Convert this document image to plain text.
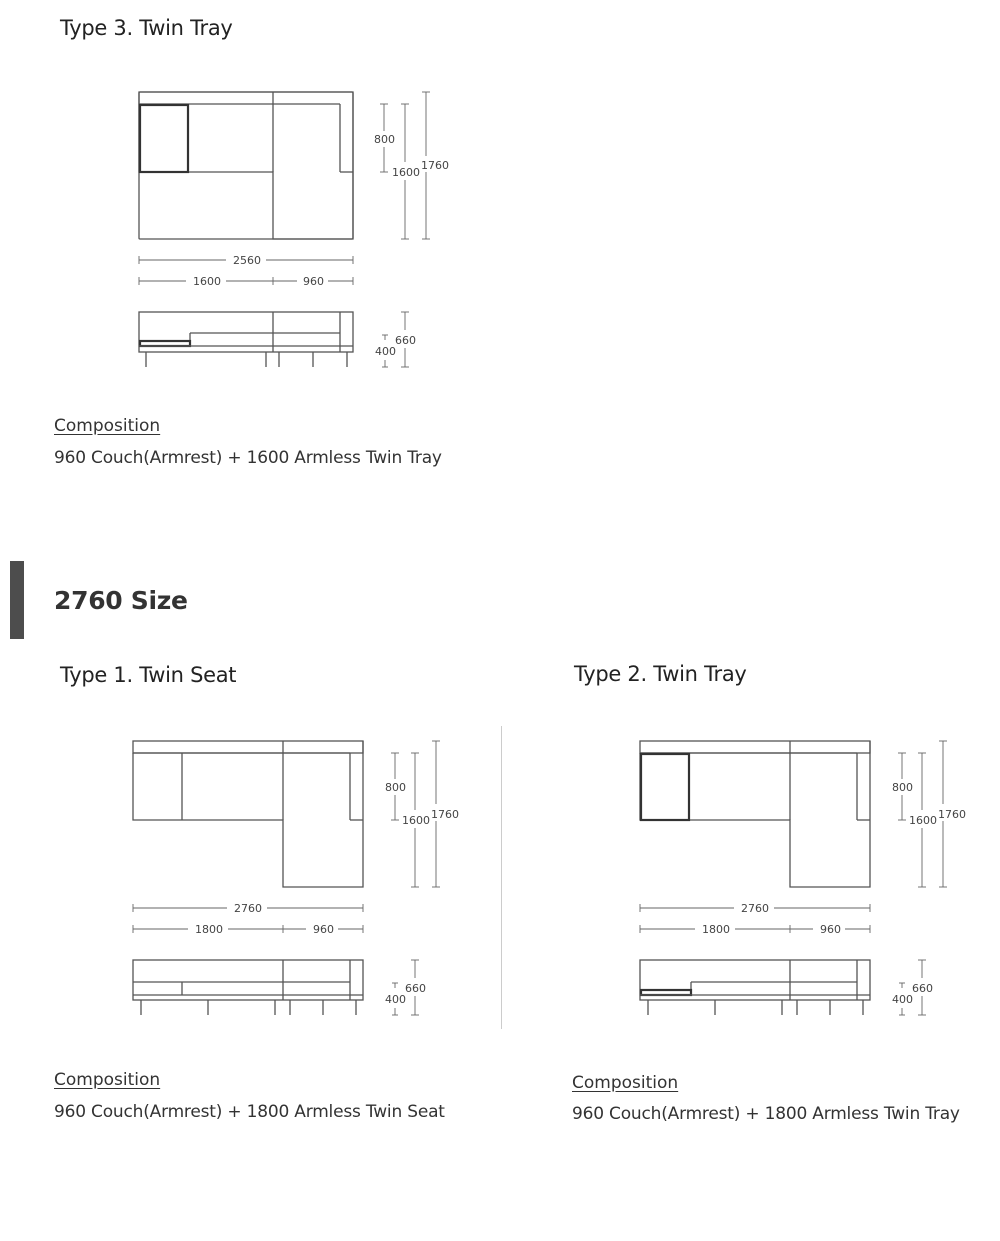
Type 3. Twin Tray
800
1600
1760
2560
1600	960
400
660
Composition
960 Couch(Armrest) + 1600 Armless Twin Tray
2760 Size
Type 1. Twin Seat
800
1600 1760
2760
1800	960
400
660
Composition
960 Couch(Armrest) + 1800 Armless Twin Seat
Type 2. Twin Tray
800
1600 1760
2760
1800	960
400
660
Composition
960 Couch(Armrest) + 1800 Armless Twin Tray
